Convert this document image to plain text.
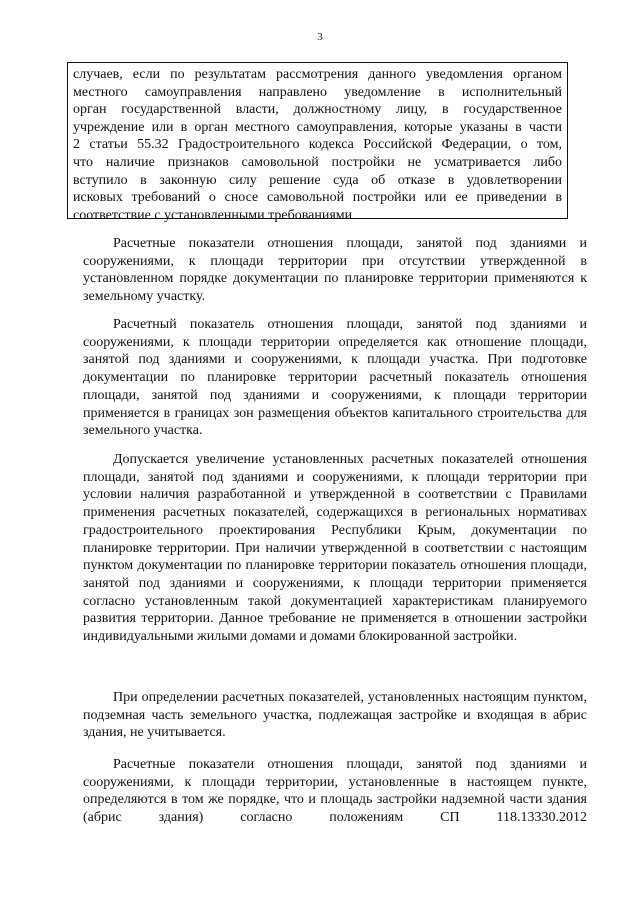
3
случаев, если по результатам рассмотрения данного уведомления органом
местного самоуправления направлено уведомление в исполнительный
орган государственной власти, должностному лицу, в государственное
учреждение или в орган местного самоуправления, которые указаны в части
2 статьи 55.32 Градостроительного кодекса Российской Федерации, о том,
что наличие признаков самовольной постройки не усматривается либо
вступило в законную силу решение суда об отказе в удовлетворении
исковых требований о сносе самовольной постройки или ее приведении в
соответствие с установленными требованиями

Расчетные показатели отношения площади, занятой под зданиями и сооружениями, к площади территории при отсутствии утвержденной в установленном порядке документации по планировке территории применяются к земельному участку.

Расчетный показатель отношения площади, занятой под зданиями и сооружениями, к площади территории определяется как отношение площади, занятой под зданиями и сооружениями, к площади участка. При подготовке документации по планировке территории расчетный показатель отношения площади, занятой под зданиями и сооружениями, к площади территории применяется в границах зон размещения объектов капитального строительства для земельного участка.

Допускается увеличение установленных расчетных показателей отношения площади, занятой под зданиями и сооружениями, к площади территории при условии наличия разработанной и утвержденной в соответствии с Правилами применения расчетных показателей, содержащихся в региональных нормативах градостроительного проектирования Республики Крым, документации по планировке территории. При наличии утвержденной в соответствии с настоящим пунктом документации по планировке территории показатель отношения площади, занятой под зданиями и сооружениями, к площади территории применяется согласно установленным такой документацией характеристикам планируемого развития территории. Данное требование не применяется в отношении застройки индивидуальными жилыми домами и домами блокированной застройки.

При определении расчетных показателей, установленных настоящим пунктом, подземная часть земельного участка, подлежащая застройке и входящая в абрис здания, не учитывается.

Расчетные показатели отношения площади, занятой под зданиями и сооружениями, к площади территории, установленные в настоящем пункте, определяются в том же порядке, что и площадь застройки надземной части здания (абрис здания) согласно положениям СП 118.13330.2012
